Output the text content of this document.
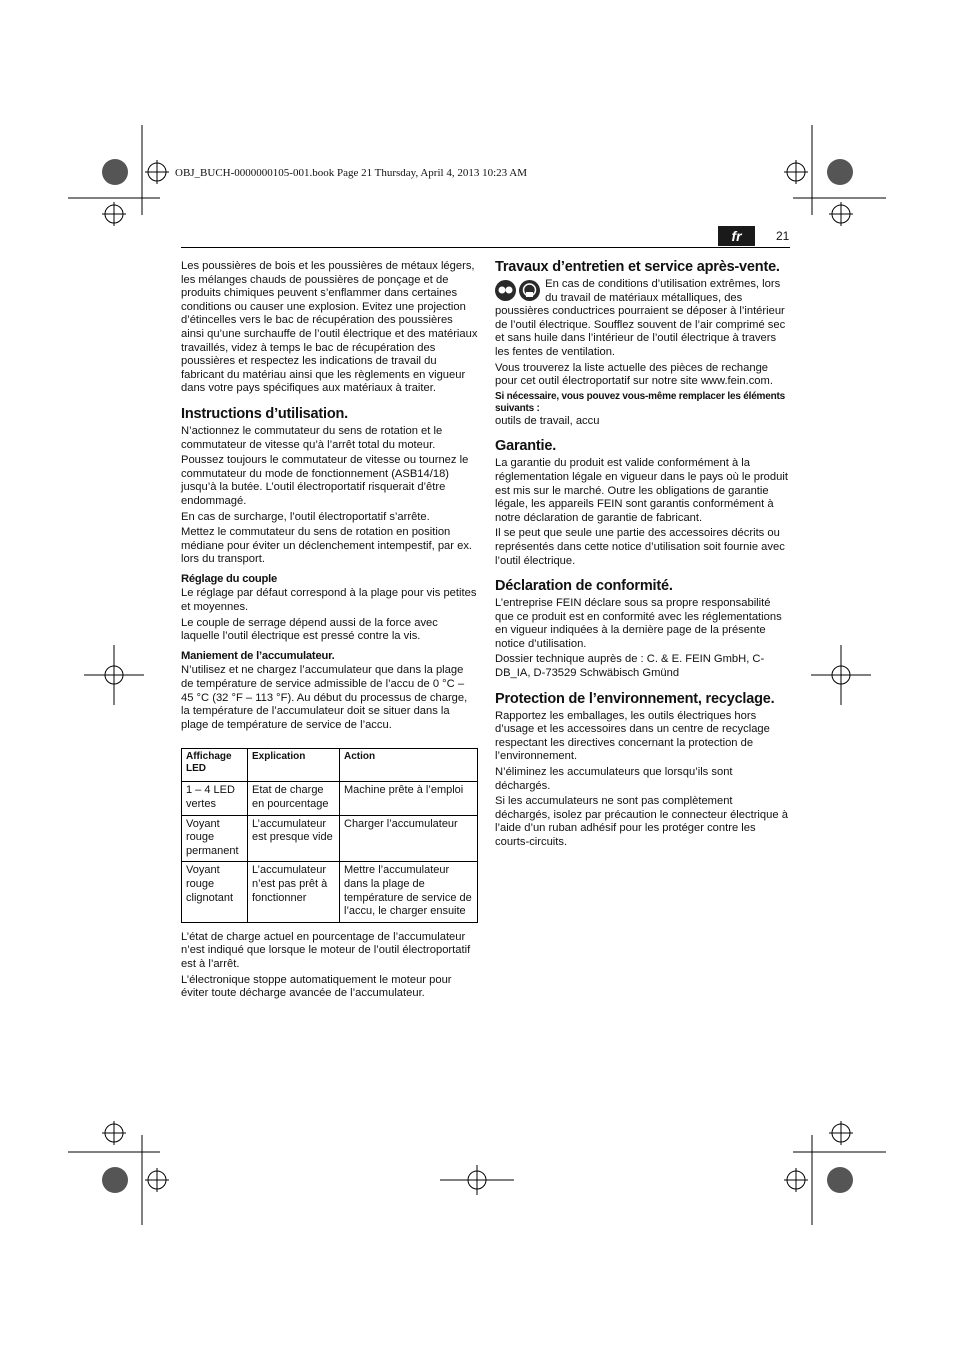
OBJ_BUCH-0000000105-001.book Page 21 Thursday, April 4, 2013 10:23 AM
fr	21

Les poussières de bois et les poussières de métaux légers, les mélanges chauds de poussières de ponçage et de produits chimiques peuvent s’enflammer dans certaines conditions ou causer une explosion. Evitez une projection d’étincelles vers le bac de récupération des poussières ainsi qu’une surchauffe de l’outil électrique et des matériaux travaillés, videz à temps le bac de récupération des poussières et respectez les indications de travail du fabricant du matériau ainsi que les règlements en vigueur dans votre pays spécifiques aux matériaux à traiter.

Instructions d’utilisation.

N’actionnez le commutateur du sens de rotation et le commutateur de vitesse qu’à l’arrêt total du moteur.

Poussez toujours le commutateur de vitesse ou tournez le commutateur du mode de fonctionnement (ASB14/18) jusqu’à la butée. L’outil électroportatif risquerait d’être endommagé.

En cas de surcharge, l’outil électroportatif s’arrête.

Mettez le commutateur du sens de rotation en position médiane pour éviter un déclenchement intempestif, par ex. lors du transport.

Réglage du couple

Le réglage par défaut correspond à la plage pour vis petites et moyennes.

Le couple de serrage dépend aussi de la force avec laquelle l’outil électrique est pressé contre la vis.

Maniement de l’accumulateur.

N’utilisez et ne chargez l’accumulateur que dans la plage de température de service admissible de l’accu de 0 °C – 45 °C (32 °F – 113 °F). Au début du processus de charge, la température de l’accumulateur doit se situer dans la plage de température de service de l’accu.

Affichage LED	Explication	Action
1 – 4 LED vertes	Etat de charge en pourcentage	Machine prête à l’emploi
Voyant rouge permanent	L’accumulateur est presque vide	Charger l’accumulateur
Voyant rouge clignotant	L’accumulateur n’est pas prêt à fonctionner	Mettre l’accumulateur dans la plage de température de service de l’accu, le charger ensuite

L’état de charge actuel en pourcentage de l’accumulateur n’est indiqué que lorsque le moteur de l’outil électroportatif est à l’arrêt.

L’électronique stoppe automatiquement le moteur pour éviter toute décharge avancée de l’accumulateur.

Travaux d’entretien et service après-vente.

En cas de conditions d’utilisation extrêmes, lors du travail de matériaux métalliques, des poussières conductrices pourraient se déposer à l’intérieur de l’outil électrique. Soufflez souvent de l’air comprimé sec et sans huile dans l’intérieur de l’outil électrique à travers les fentes de ventilation.

Vous trouverez la liste actuelle des pièces de rechange pour cet outil électroportatif sur notre site www.fein.com.

Si nécessaire, vous pouvez vous-même remplacer les éléments suivants :

outils de travail, accu

Garantie.

La garantie du produit est valide conformément à la réglementation légale en vigueur dans le pays où le produit est mis sur le marché. Outre les obligations de garantie légale, les appareils FEIN sont garantis conformément à notre déclaration de garantie de fabricant.

Il se peut que seule une partie des accessoires décrits ou représentés dans cette notice d’utilisation soit fournie avec l’outil électrique.

Déclaration de conformité.

L’entreprise FEIN déclare sous sa propre responsabilité que ce produit est en conformité avec les réglementations en vigueur indiquées à la dernière page de la présente notice d’utilisation.

Dossier technique auprès de : C. & E. FEIN GmbH, C-DB_IA, D-73529 Schwäbisch Gmünd

Protection de l’environnement, recyclage.

Rapportez les emballages, les outils électriques hors d’usage et les accessoires dans un centre de recyclage respectant les directives concernant la protection de l’environnement.

N’éliminez les accumulateurs que lorsqu’ils sont déchargés.

Si les accumulateurs ne sont pas complètement déchargés, isolez par précaution le connecteur électrique à l’aide d’un ruban adhésif pour les protéger contre les courts-circuits.
